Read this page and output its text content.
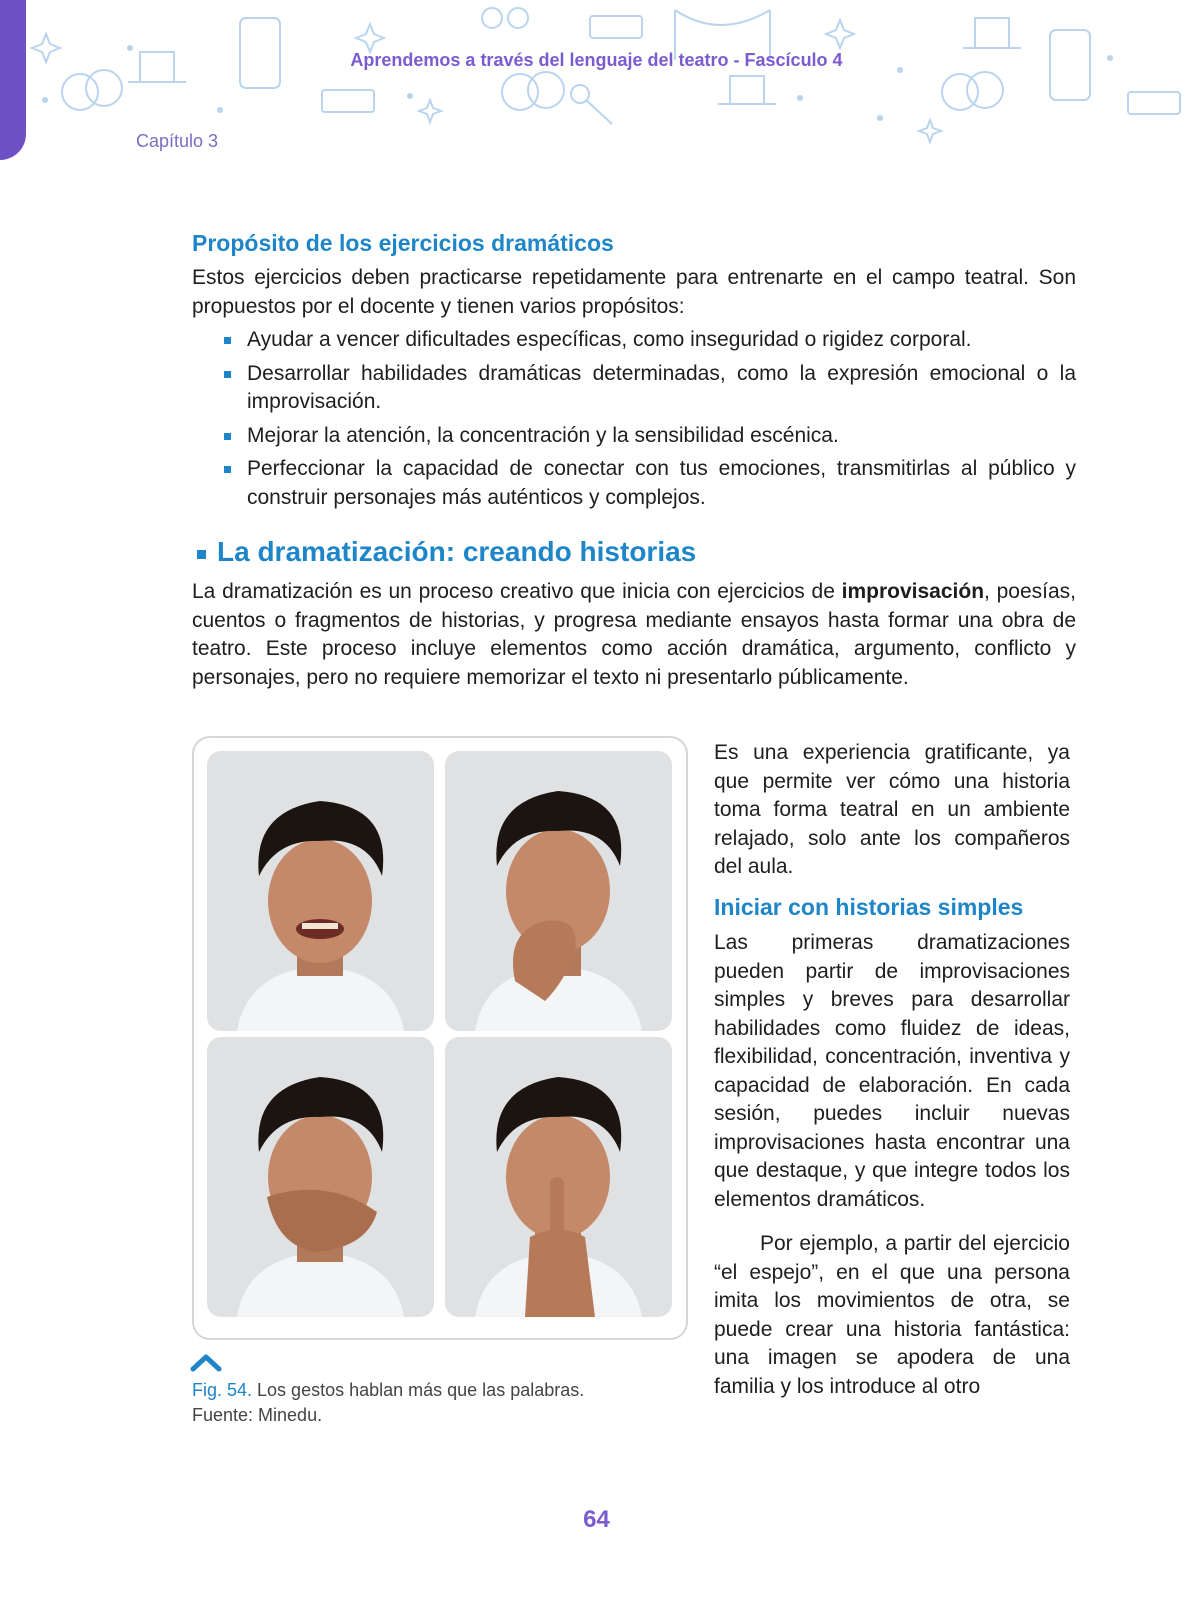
Aprendemos a través del lenguaje del teatro - Fascículo 4
Capítulo 3
Propósito de los ejercicios dramáticos

Estos ejercicios deben practicarse repetidamente para entrenarte en el campo teatral. Son propuestos por el docente y tienen varios propósitos:

Ayudar a vencer dificultades específicas, como inseguridad o rigidez corporal.
Desarrollar habilidades dramáticas determinadas, como la expresión emocional o la improvisación.
Mejorar la atención, la concentración y la sensibilidad escénica.
Perfeccionar la capacidad de conectar con tus emociones, transmitirlas al público y construir personajes más auténticos y complejos.
La dramatización: creando historias

La dramatización es un proceso creativo que inicia con ejercicios de improvisación, poesías, cuentos o fragmentos de historias, y progresa mediante ensayos hasta formar una obra de teatro. Este proceso incluye elementos como acción dramática, argumento, conflicto y personajes, pero no requiere memorizar el texto ni presentarlo públicamente.

Fig. 54. Los gestos hablan más que las palabras.
Fuente: Minedu.

Es una experiencia gratificante, ya que permite ver cómo una historia toma forma teatral en un ambiente relajado, solo ante los compañeros del aula.

Iniciar con historias simples

Las primeras dramatizaciones pueden partir de improvisaciones simples y breves para desarrollar habilidades como fluidez de ideas, flexibilidad, concentración, inventiva y capacidad de elaboración. En cada sesión, puedes incluir nuevas improvisaciones hasta encontrar una que destaque, y que integre todos los elementos dramáticos.

Por ejemplo, a partir del ejercicio “el espejo”, en el que una persona imita los movimientos de otra, se puede crear una historia fantástica: una imagen se apodera de una familia y los introduce al otro

64
